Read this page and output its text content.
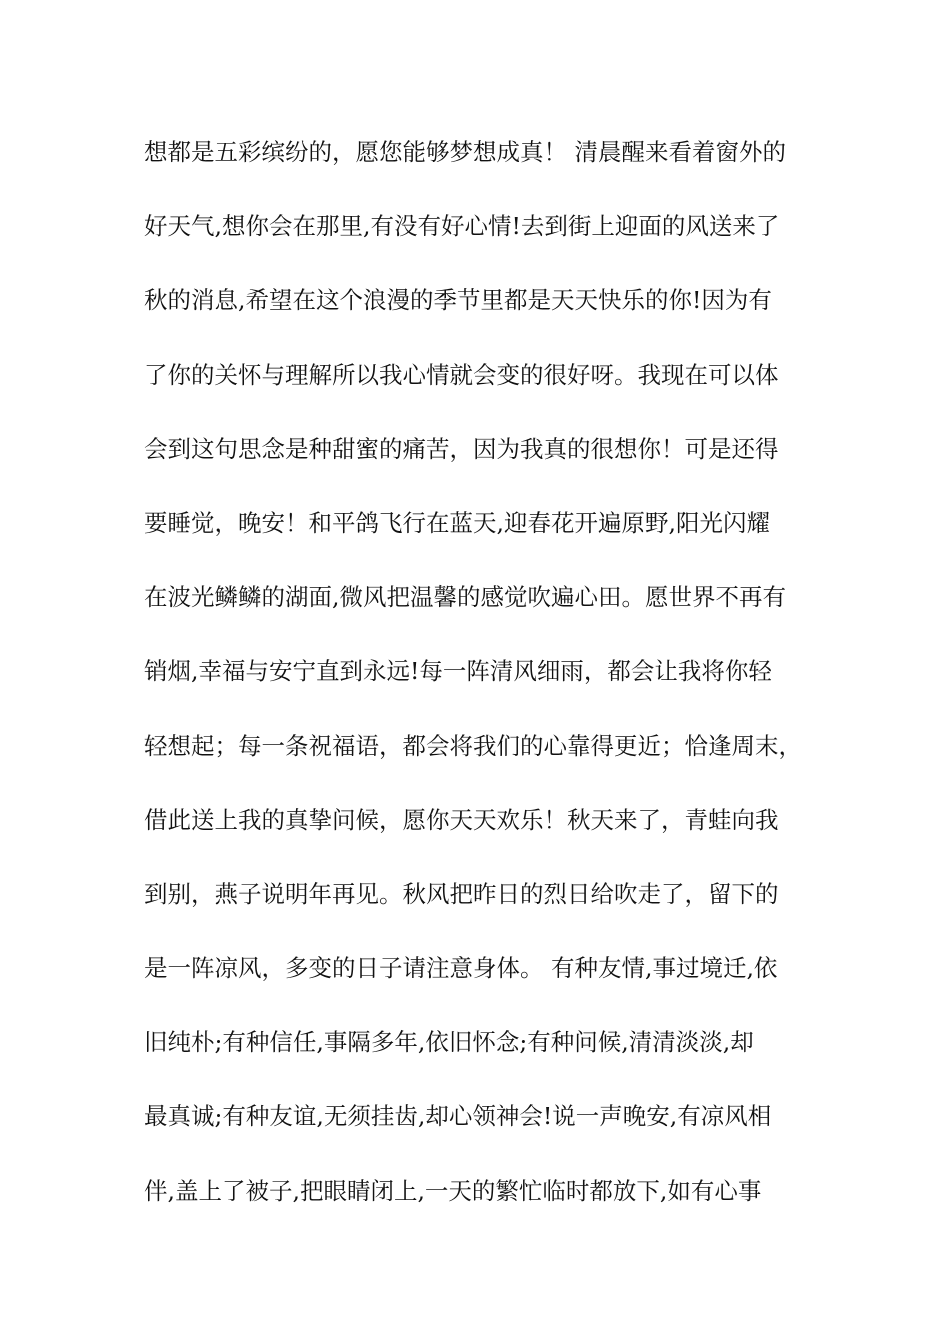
想都是五彩缤纷的，愿您能够梦想成真！ 清晨醒来看着窗外的
好天气,想你会在那里,有没有好心情!去到街上迎面的风送来了
秋的消息,希望在这个浪漫的季节里都是天天快乐的你!因为有
了你的关怀与理解所以我心情就会变的很好呀。我现在可以体
会到这句思念是种甜蜜的痛苦，因为我真的很想你！可是还得
要睡觉，晚安！和平鸽飞行在蓝天,迎春花开遍原野,阳光闪耀
在波光鳞鳞的湖面,微风把温馨的感觉吹遍心田。愿世界不再有
销烟,幸福与安宁直到永远!每一阵清风细雨，都会让我将你轻
轻想起；每一条祝福语，都会将我们的心靠得更近；恰逢周末，
借此送上我的真挚问候，愿你天天欢乐！秋天来了，青蛙向我
到别，燕子说明年再见。秋风把昨日的烈日给吹走了，留下的
是一阵凉风，多变的日子请注意身体。 有种友情,事过境迁,依
旧纯朴;有种信任,事隔多年,依旧怀念;有种问候,清清淡淡,却
最真诚;有种友谊,无须挂齿,却心领神会!说一声晚安,有凉风相
伴,盖上了被子,把眼睛闭上,一天的繁忙临时都放下,如有心事
